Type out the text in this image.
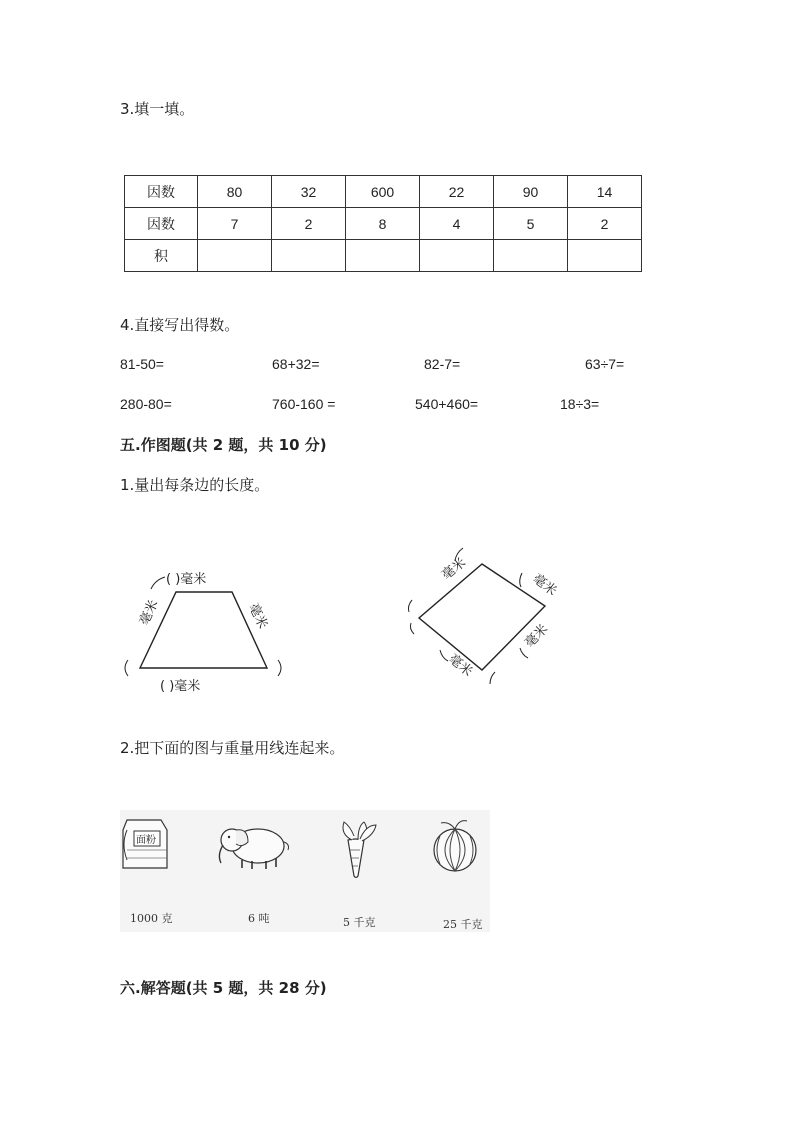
3.填一填。
因数	80	32	600	22	90	14
因数	7	2	8	4	5	2
积						
4.直接写出得数。
81-50=	68+32=	82-7=	63÷7=
280-80=	760-160 =	540+460=	18÷3=
五.作图题(共 2 题，共 10 分)
1.量出每条边的长度。
( )毫米
( )毫米
毫米	毫米
毫米
毫米
毫米
毫米
面粉
1000 克	6 吨	5 千克	25 千克
2.把下面的图与重量用线连起来。
六.解答题(共 5 题，共 28 分)
